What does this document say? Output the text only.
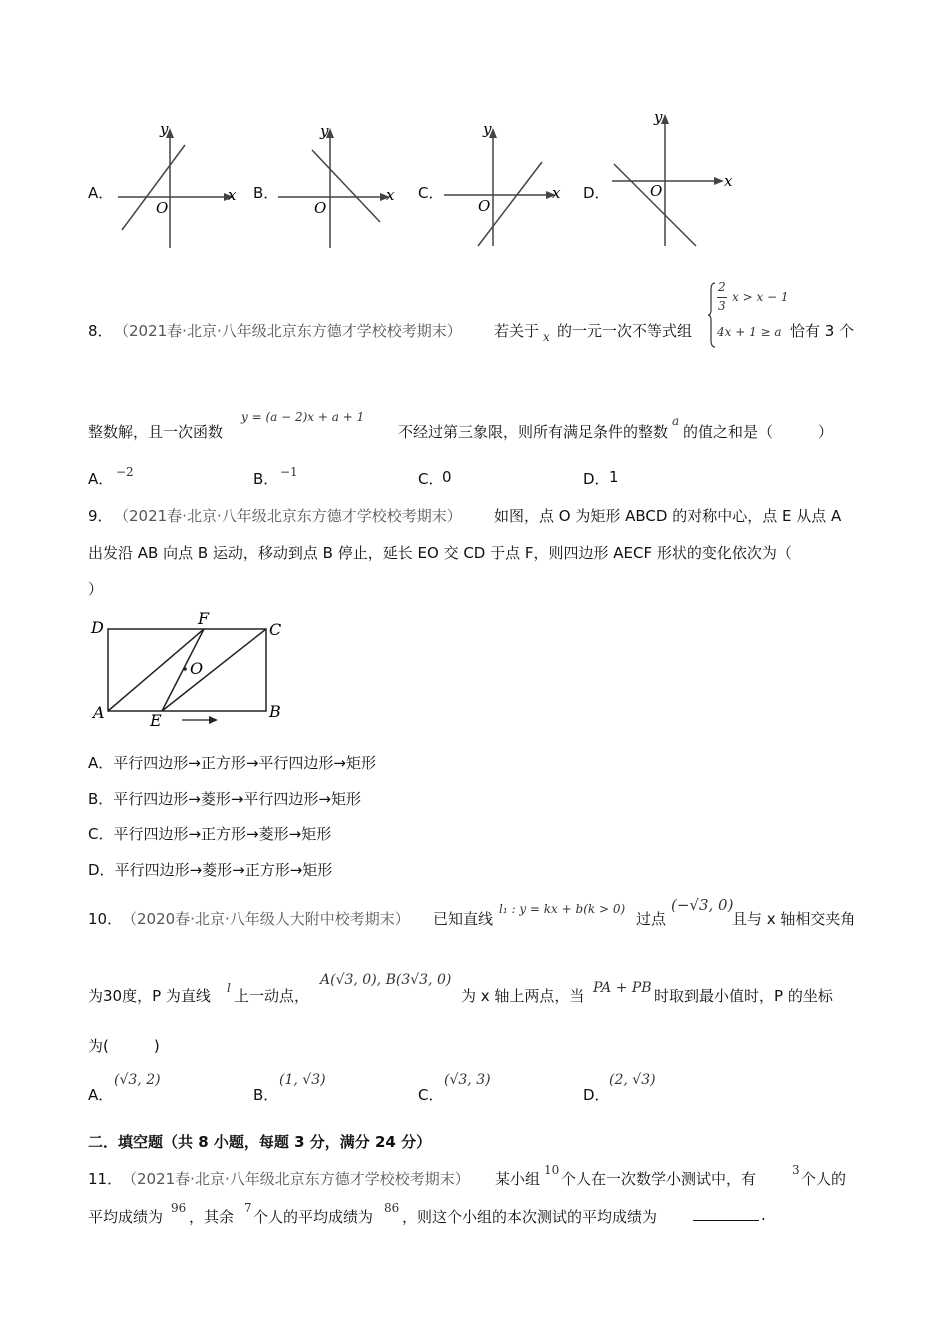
A．
y
x
O
B．
y
x
O
C．
y
x
O
D．
y
x
O
8． （2021春·北京·八年级北京东方德才学校校考期末） 若关于 x 的一元一次不等式组
2
3
x > x − 1
4x + 1 ≥ a 恰有 3 个
整数解，且一次函数
y = (a − 2)x + a + 1
不经过第三象限，则所有满足条件的整数
a
的值之和是（　　　）
A． −2	B． −1	C．
0	D． 1
9． （2021春·北京·八年级北京东方德才学校校考期末） 如图，点 O 为矩形 ABCD 的对称中心，点 E 从点 A
出发沿 AB 向点 B 运动，移动到点 B 停止，延长 EO 交 CD 于点 F，则四边形 AECF 形状的变化依次为（
）
D	F
C
O
A	E	B
A．平行四边形→正方形→平行四边形→矩形
B．平行四边形→菱形→平行四边形→矩形
C．平行四边形→正方形→菱形→矩形
D．平行四边形→菱形→正方形→矩形
10． （2020春·北京·八年级人大附中校考期末） 已知直线
l₁ : y = kx + b(k > 0)
过点
(−√3, 0)
且与 x 轴相交夹角
为30度，P 为直线 l 上一动点，
A(√3, 0), B(3√3, 0)
为 x 轴上两点，当 PA + PB 时取到最小值时，P 的坐标
为(　　　)
A．
(√3, 2)
B．
(1, √3)
C．
(√3, 3)
D．
(2, √3)
二．填空题（共 8 小题，每题 3 分，满分 24 分）
11． （2021春·北京·八年级北京东方德才学校校考期末） 某小组 10 个人在一次数学小测试中，有	3 个人的
平均成绩为 96 ，其余 7 个人的平均成绩为 86 ，则这个小组的本次测试的平均成绩为	.
